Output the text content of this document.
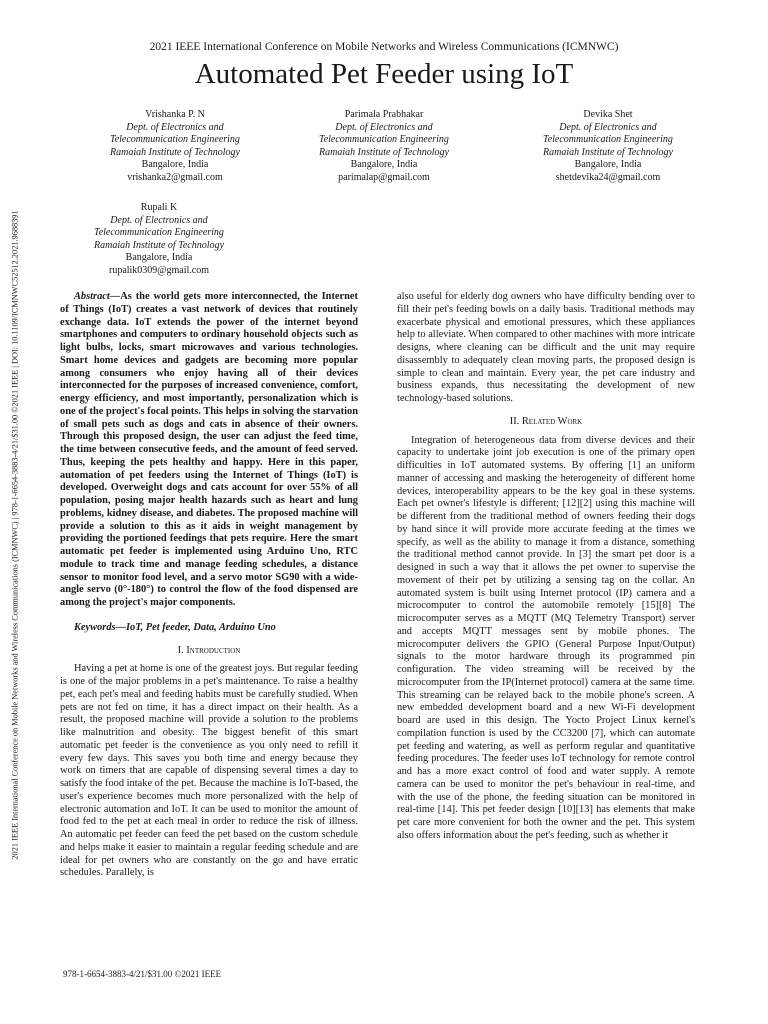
2021 IEEE International Conference on Mobile Networks and Wireless Communications (ICMNWC) | 978-1-6654-3883-4/21/$31.00 ©2021 IEEE | DOI: 10.1109/ICMNWC52512.2021.9688391
2021 IEEE International Conference on Mobile Networks and Wireless Communications (ICMNWC)
Automated Pet Feeder using IoT
Vrishanka P. N
Dept. of Electronics and
Telecommunication Engineering
Ramaiah Institute of Technology
Bangalore, India
vrishanka2@gmail.com
Parimala Prabhakar
Dept. of Electronics and
Telecommunication Engineering
Ramaiah Institute of Technology
Bangalore, India
parimalap@gmail.com
Devika Shet
Dept. of Electronics and
Telecommunication Engineering
Ramaiah Institute of Technology
Bangalore, India
shetdevika24@gmail.com
Rupali K
Dept. of Electronics and
Telecommunication Engineering
Ramaiah Institute of Technology
Bangalore, India
rupalik0309@gmail.com

Abstract—As the world gets more interconnected, the Internet of Things (IoT) creates a vast network of devices that routinely exchange data. IoT extends the power of the internet beyond smartphones and computers to ordinary household objects such as light bulbs, locks, smart microwaves and various technologies. Smart home devices and gadgets are becoming more popular among consumers who enjoy having all of their devices interconnected for the purposes of increased convenience, comfort, energy efficiency, and most importantly, personalization which is one of the project's focal points. This helps in solving the starvation of small pets such as dogs and cats in absence of their owners. Through this proposed design, the user can adjust the feed time, the time between consecutive feeds, and the amount of feed served. Thus, keeping the pets healthy and happy. Here in this paper, automation of pet feeders using the Internet of Things (IoT) is developed. Overweight dogs and cats account for over 55% of all population, posing major health hazards such as heart and lung problems, kidney disease, and diabetes. The proposed machine will provide a solution to this as it aids in weight management by providing the portioned feedings that pets require. Here the smart automatic pet feeder is implemented using Arduino Uno, RTC module to track time and manage feeding schedules, a distance sensor to monitor food level, and a servo motor SG90 with a wide-angle servo (0°-180°) to control the flow of the food dispensed are among the project's major components.

Keywords—IoT, Pet feeder, Data, Arduino Uno

I. Introduction

Having a pet at home is one of the greatest joys. But regular feeding is one of the major problems in a pet's maintenance. To raise a healthy pet, each pet's meal and feeding habits must be carefully studied. When pets are not fed on time, it has a direct impact on their health. As a result, the proposed machine will provide a solution to the problems like malnutrition and obesity. The biggest benefit of this smart automatic pet feeder is the convenience as you only need to refill it every few days. This saves you both time and energy because they work on timers that are capable of dispensing several times a day to satisfy the food intake of the pet. Because the machine is IoT-based, the user's experience becomes much more personalized with the help of electronic automation and IoT. It can be used to monitor the amount of food fed to the pet at each meal in order to reduce the risk of illness. An automatic pet feeder can feed the pet based on the custom schedule and helps make it easier to maintain a regular feeding schedule and are ideal for pet owners who are constantly on the go and have erratic schedules. Parallely, is

also useful for elderly dog owners who have difficulty bending over to fill their pet's feeding bowls on a daily basis. Traditional methods may exacerbate physical and emotional pressures, which these appliances help to alleviate. When compared to other machines with more intricate designs, where cleaning can be difficult and the unit may require disassembly to adequately clean moving parts, the proposed design is simple to clean and maintain. Every year, the pet care industry and business expands, thus necessitating the development of new technology-based solutions.

II. Related Work

Integration of heterogeneous data from diverse devices and their capacity to undertake joint job execution is one of the primary open difficulties in IoT automated systems. By offering [1] an uniform manner of accessing and masking the heterogeneity of different home devices, interoperability appears to be the key goal in these systems. Each pet owner's lifestyle is different; [12][2] using this machine will be different from the traditional method of owners feeding their dogs by hand since it will provide more accurate feeding at the times we specify, as well as the ability to manage it from a distance, something the traditional method cannot provide. In [3] the smart pet door is a designed in such a way that it allows the pet owner to supervise the movement of their pet by utilizing a sensing tag on the collar. An automated system is built using Internet protocol (IP) camera and a microcomputer to control the automobile remotely [15][8] The microcomputer serves as a MQTT (MQ Telemetry Transport) server and accepts MQTT messages sent by mobile phones. The microcomputer delivers the GPIO (General Purpose Input/Output) signals to the motor hardware through its programmed pin configuration. The video streaming will be received by the microcomputer from the IP(Internet protocol) camera at the same time. This streaming can be relayed back to the mobile phone's screen. A new embedded development board and a new Wi-Fi development board are used in this design. The Yocto Project Linux kernel's compilation function is used by the CC3200 [7], which can automate pet feeding and watering, as well as perform regular and quantitative feeding procedures. The feeder uses IoT technology for remote control and has a more exact control of food and water supply. A remote camera can be used to monitor the pet's behaviour in real-time, and with the use of the phone, the feeding situation can be monitored in real-time [14]. This pet feeder design [10][13] has elements that make pet care more convenient for both the owner and the pet. This system also offers information about the pet's feeding, such as whether it

978-1-6654-3883-4/21/$31.00 ©2021 IEEE
